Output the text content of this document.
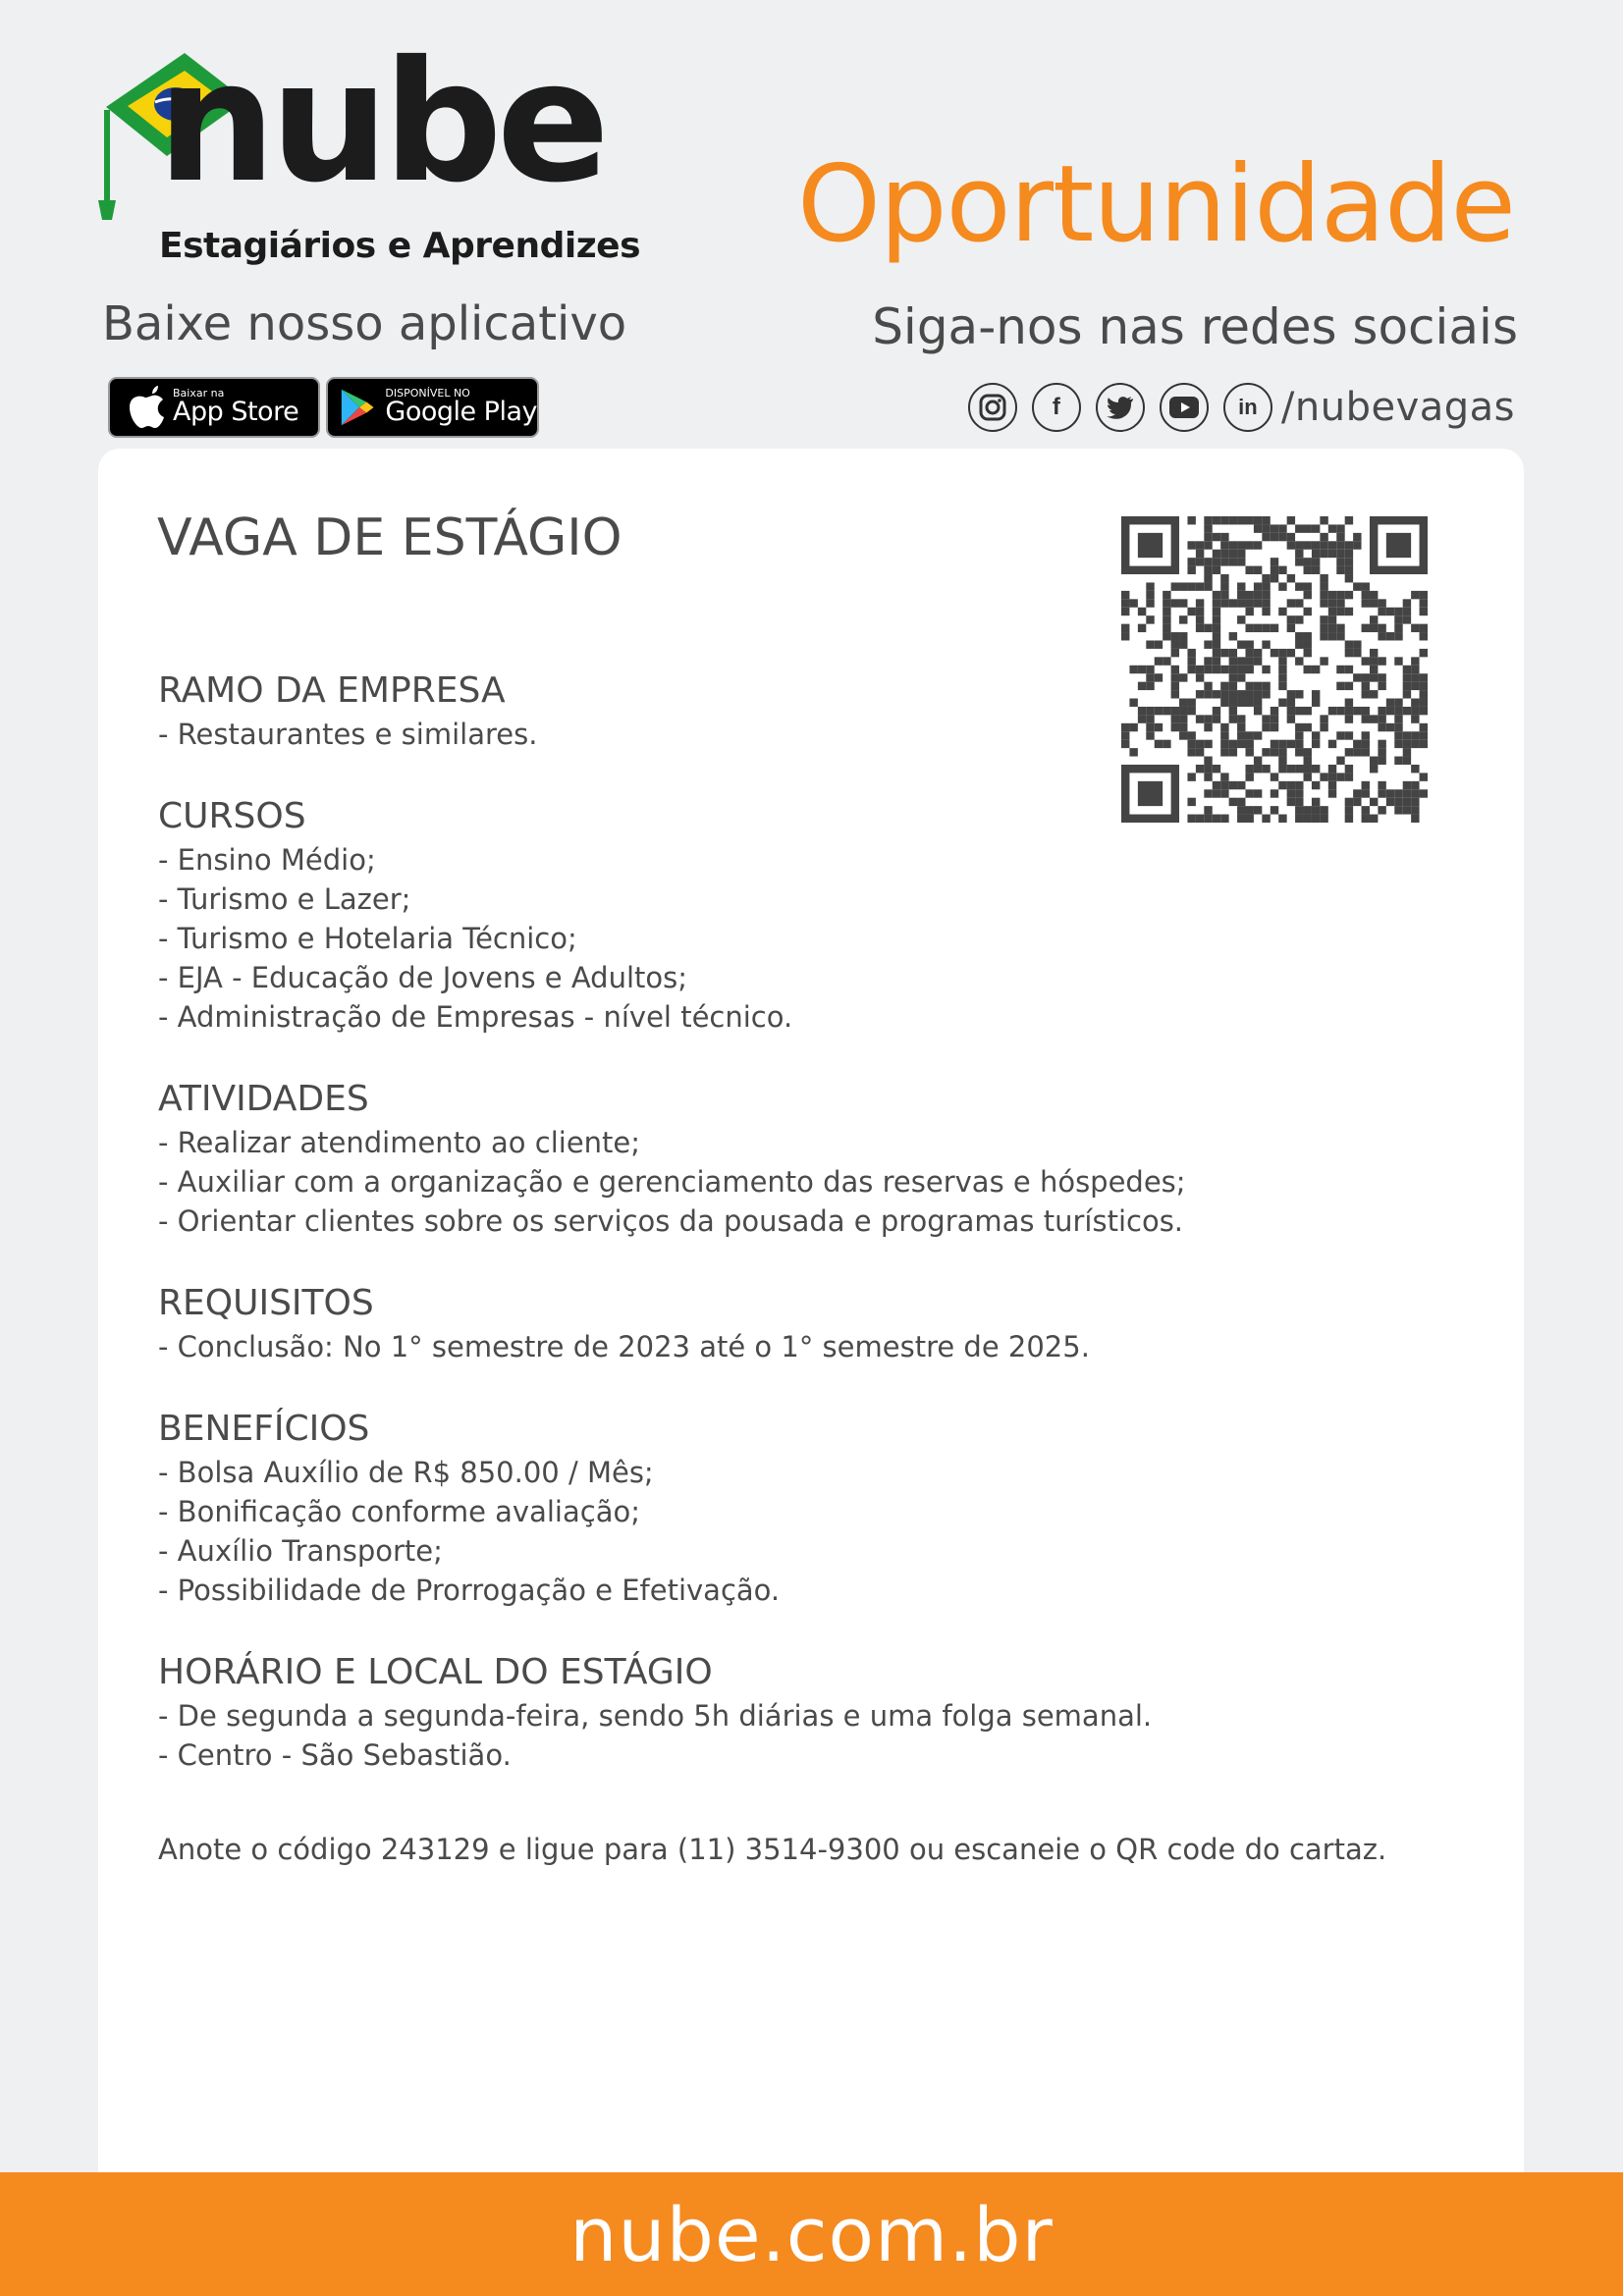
nube
Estagiários e Aprendizes Oportunidade
Baixe nosso aplicativo	Siga-nos nas redes sociais
Baixar na
App Store
DISPONÍVEL NO
Google Play	f	in /nubevagas
VAGA DE ESTÁGIO
RAMO DA EMPRESA
- Restaurantes e similares.
CURSOS
- Ensino Médio;
- Turismo e Lazer;
- Turismo e Hotelaria Técnico;
- EJA - Educação de Jovens e Adultos;
- Administração de Empresas - nível técnico.
ATIVIDADES
- Realizar atendimento ao cliente;
- Auxiliar com a organização e gerenciamento das reservas e hóspedes;
- Orientar clientes sobre os serviços da pousada e programas turísticos.
REQUISITOS
- Conclusão: No 1° semestre de 2023 até o 1° semestre de 2025.
BENEFÍCIOS
- Bolsa Auxílio de R$ 850.00 / Mês;
- Bonificação conforme avaliação;
- Auxílio Transporte;
- Possibilidade de Prorrogação e Efetivação.
HORÁRIO E LOCAL DO ESTÁGIO
- De segunda a segunda-feira, sendo 5h diárias e uma folga semanal.
- Centro - São Sebastião.
Anote o código 243129 e ligue para (11) 3514-9300 ou escaneie o QR code do cartaz.
nube.com.br
